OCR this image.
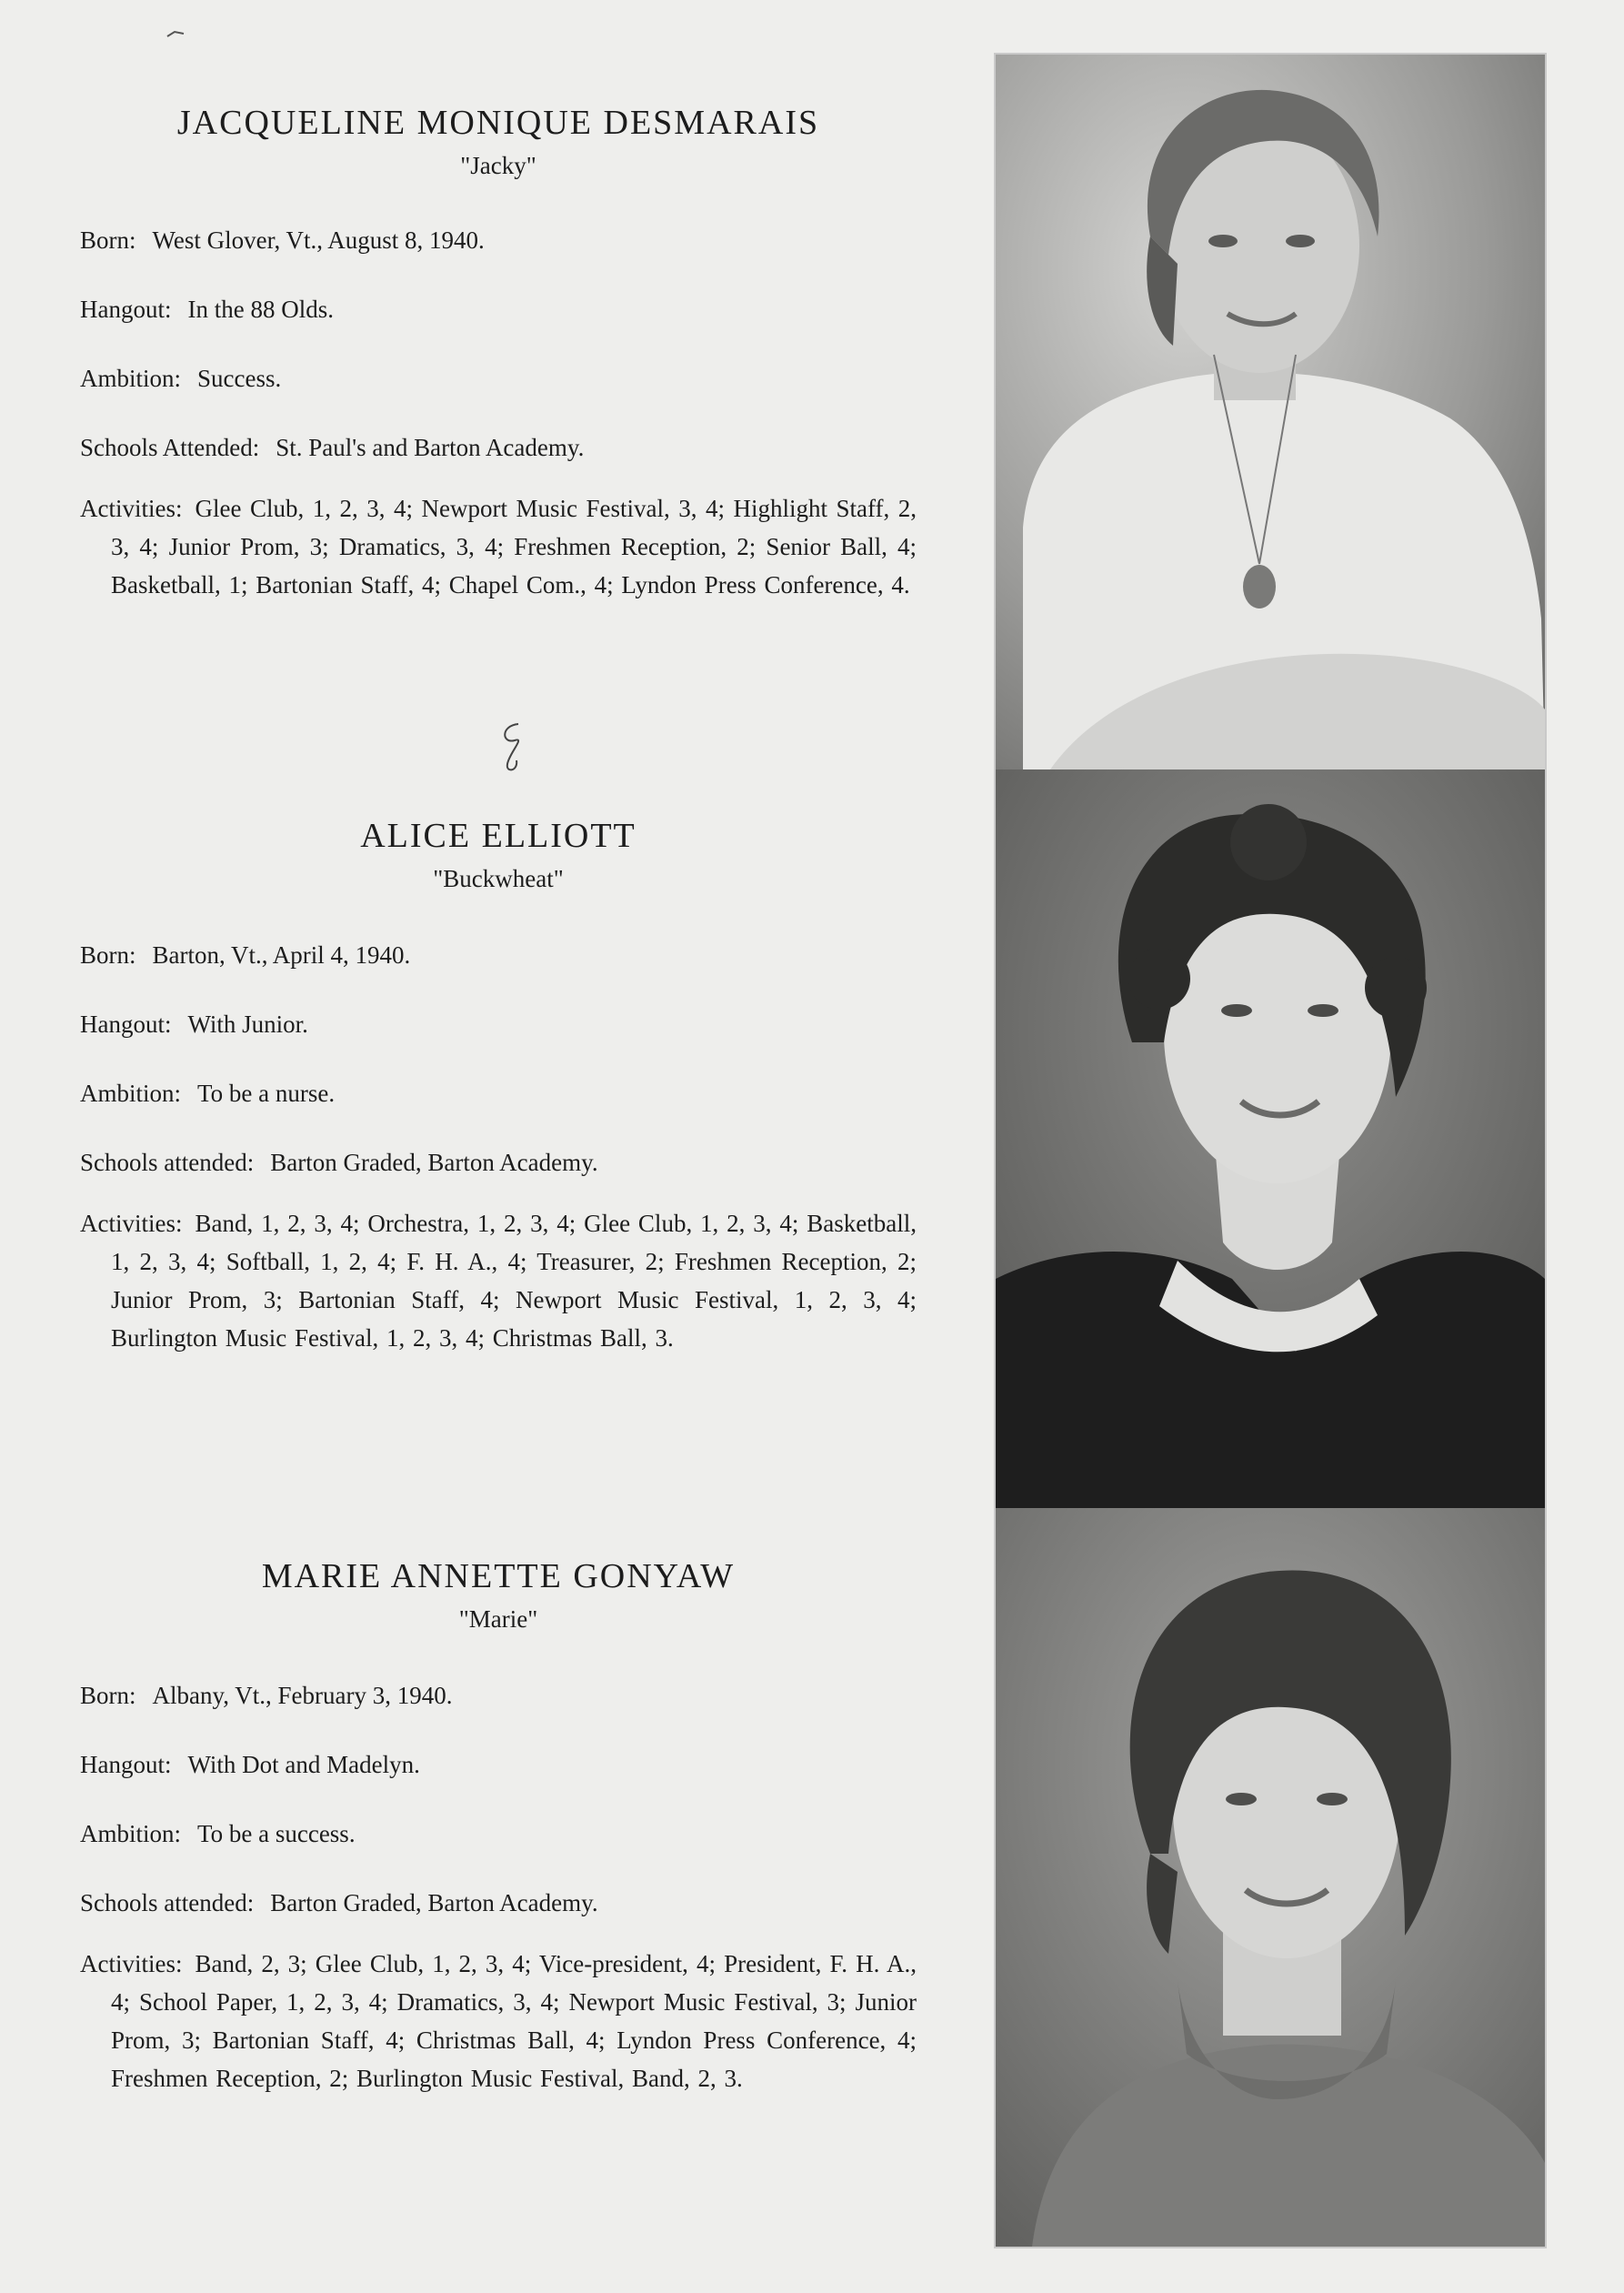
JACQUELINE MONIQUE DESMARAIS
"Jacky"
Born: West Glover, Vt., August 8, 1940.
Hangout: In the 88 Olds.
Ambition: Success.
Schools Attended: St. Paul's and Barton Academy.
Activities: Glee Club, 1, 2, 3, 4; Newport Music Festival, 3, 4; Highlight Staff, 2, 3, 4; Junior Prom, 3; Dramatics, 3, 4; Freshmen Reception, 2; Senior Ball, 4; Basketball, 1; Bartonian Staff, 4; Chapel Com., 4; Lyndon Press Conference, 4.
ALICE ELLIOTT
"Buckwheat"
Born: Barton, Vt., April 4, 1940.
Hangout: With Junior.
Ambition: To be a nurse.
Schools attended: Barton Graded, Barton Academy.
Activities: Band, 1, 2, 3, 4; Orchestra, 1, 2, 3, 4; Glee Club, 1, 2, 3, 4; Basketball, 1, 2, 3, 4; Softball, 1, 2, 4; F. H. A., 4; Treasurer, 2; Freshmen Reception, 2; Junior Prom, 3; Bartonian Staff, 4; Newport Music Festival, 1, 2, 3, 4; Burlington Music Festival, 1, 2, 3, 4; Christmas Ball, 3.
MARIE ANNETTE GONYAW
"Marie"
Born: Albany, Vt., February 3, 1940.
Hangout: With Dot and Madelyn.
Ambition: To be a success.
Schools attended: Barton Graded, Barton Academy.
Activities: Band, 2, 3; Glee Club, 1, 2, 3, 4; Vice-president, 4; President, F. H. A., 4; School Paper, 1, 2, 3, 4; Dramatics, 3, 4; Newport Music Festival, 3; Junior Prom, 3; Bartonian Staff, 4; Christmas Ball, 4; Lyndon Press Conference, 4; Freshmen Reception, 2; Burlington Music Festival, Band, 2, 3.
